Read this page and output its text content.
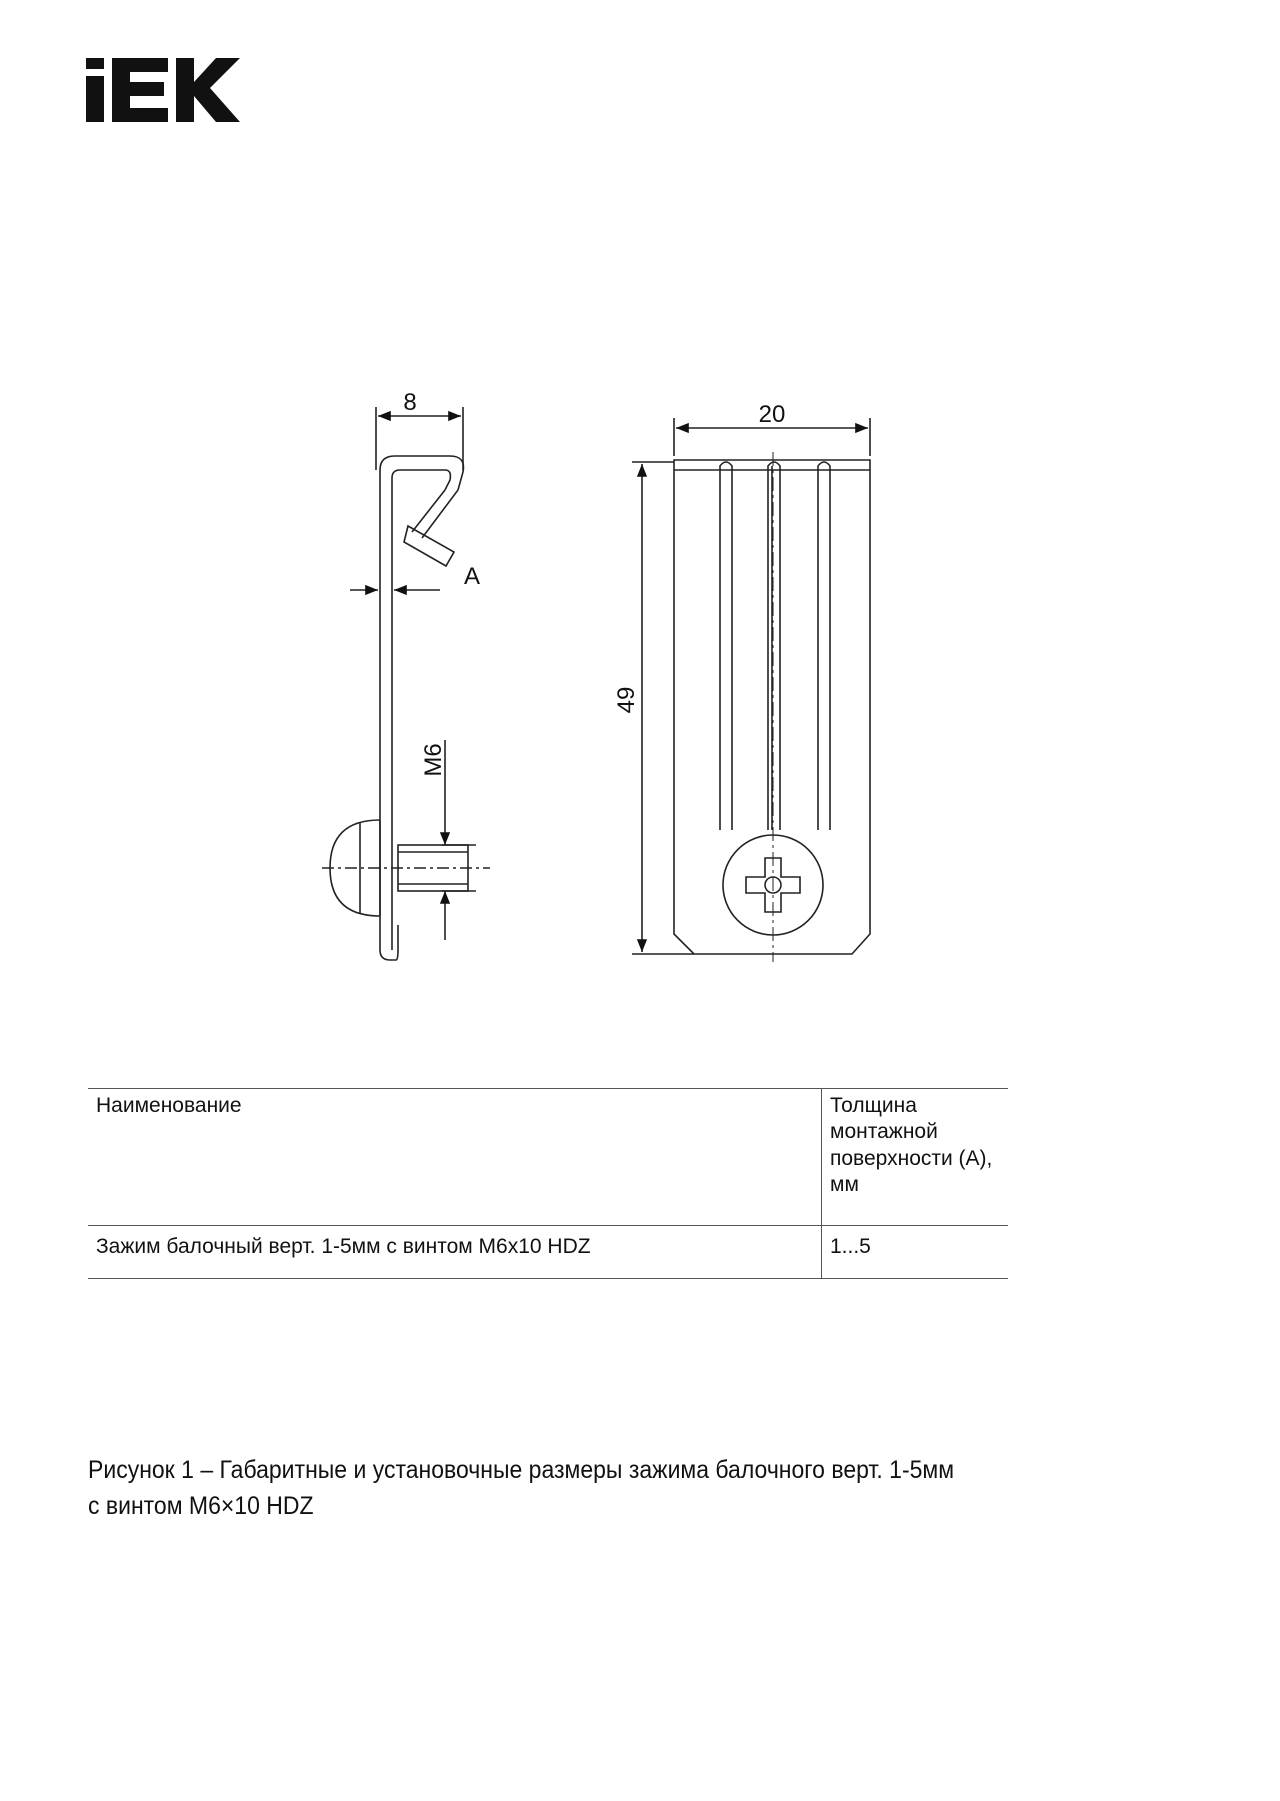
8
A
M6
20
49
Наименование	Толщина монтажной поверхности (А), мм
Зажим балочный верт. 1-5мм с винтом М6х10 HDZ	1...5
Рисунок 1 – Габаритные и установочные размеры зажима балочного верт. 1-5мм
с винтом М6×10 HDZ
